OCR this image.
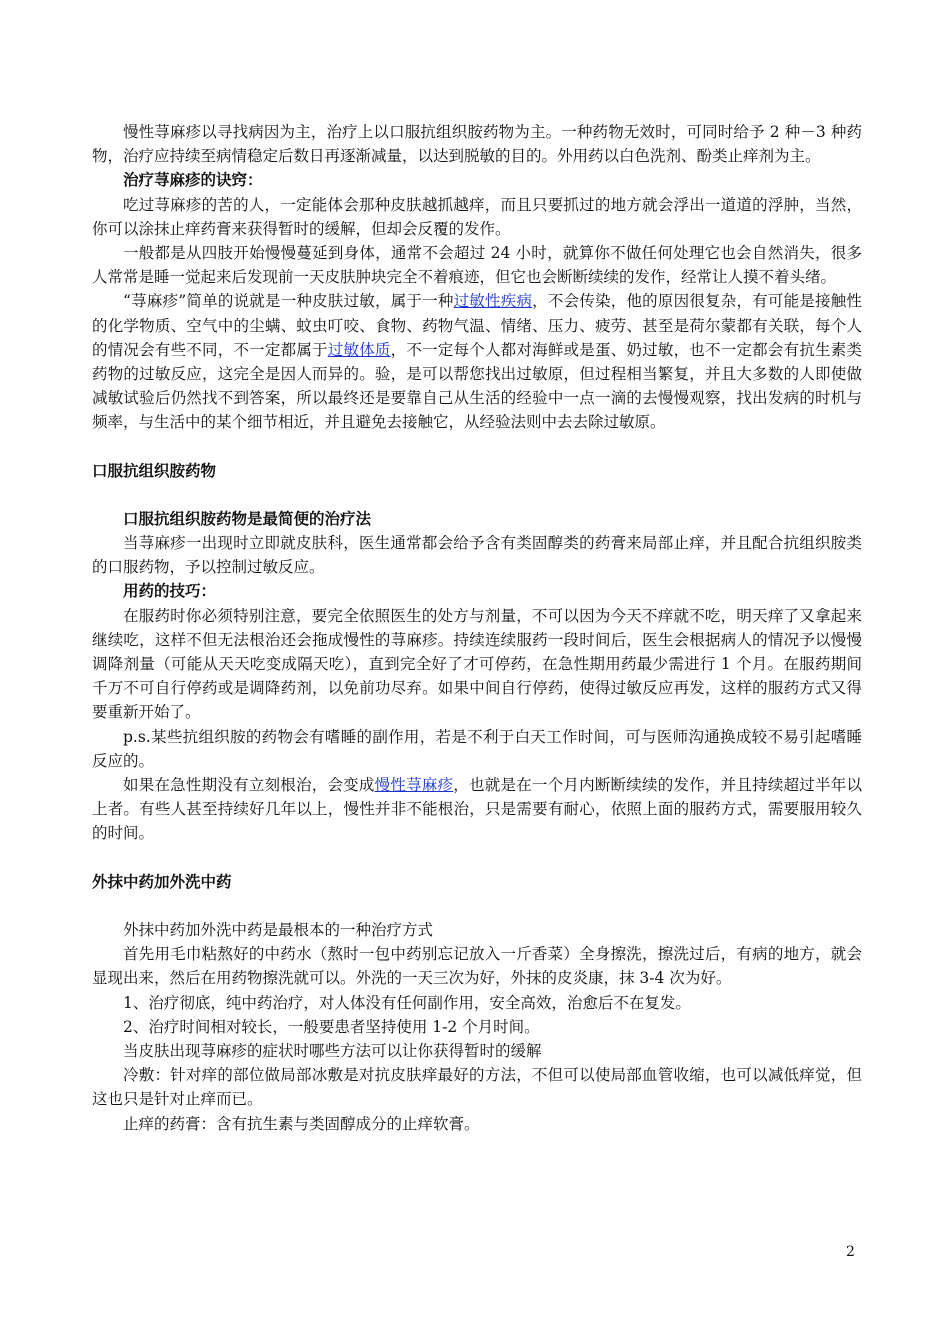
慢性荨麻疹以寻找病因为主，治疗上以口服抗组织胺药物为主。一种药物无效时，可同时给予 2 种－3 种药物，治疗应持续至病情稳定后数日再逐渐减量，以达到脱敏的目的。外用药以白色洗剂、酚类止痒剂为主。

治疗荨麻疹的诀窍：

吃过荨麻疹的苦的人，一定能体会那种皮肤越抓越痒，而且只要抓过的地方就会浮出一道道的浮肿，当然，你可以涂抹止痒药膏来获得暂时的缓解，但却会反覆的发作。

一般都是从四肢开始慢慢蔓延到身体，通常不会超过 24 小时，就算你不做任何处理它也会自然消失，很多人常常是睡一觉起来后发现前一天皮肤肿块完全不着痕迹，但它也会断断续续的发作，经常让人摸不着头绪。

“荨麻疹”简单的说就是一种皮肤过敏，属于一种过敏性疾病，不会传染，他的原因很复杂，有可能是接触性的化学物质、空气中的尘螨、蚊虫叮咬、食物、药物气温、情绪、压力、疲劳、甚至是荷尔蒙都有关联，每个人的情况会有些不同，不一定都属于过敏体质，不一定每个人都对海鲜或是蛋、奶过敏，也不一定都会有抗生素类药物的过敏反应，这完全是因人而异的。验，是可以帮您找出过敏原，但过程相当繁复，并且大多数的人即使做减敏试验后仍然找不到答案，所以最终还是要靠自己从生活的经验中一点一滴的去慢慢观察，找出发病的时机与频率，与生活中的某个细节相近，并且避免去接触它，从经验法则中去去除过敏原。

口服抗组织胺药物

口服抗组织胺药物是最简便的治疗法

当荨麻疹一出现时立即就皮肤科，医生通常都会给予含有类固醇类的药膏来局部止痒，并且配合抗组织胺类的口服药物，予以控制过敏反应。

用药的技巧：

在服药时你必须特别注意，要完全依照医生的处方与剂量，不可以因为今天不痒就不吃，明天痒了又拿起来继续吃，这样不但无法根治还会拖成慢性的荨麻疹。持续连续服药一段时间后，医生会根据病人的情况予以慢慢调降剂量（可能从天天吃变成隔天吃），直到完全好了才可停药，在急性期用药最少需进行 1 个月。在服药期间千万不可自行停药或是调降药剂，以免前功尽弃。如果中间自行停药，使得过敏反应再发，这样的服药方式又得要重新开始了。

p.s.某些抗组织胺的药物会有嗜睡的副作用，若是不利于白天工作时间，可与医师沟通换成较不易引起嗜睡反应的。

如果在急性期没有立刻根治，会变成慢性荨麻疹，也就是在一个月内断断续续的发作，并且持续超过半年以上者。有些人甚至持续好几年以上，慢性并非不能根治，只是需要有耐心，依照上面的服药方式，需要服用较久的时间。

外抹中药加外洗中药

外抹中药加外洗中药是最根本的一种治疗方式

首先用毛巾粘熬好的中药水（熬时一包中药别忘记放入一斤香菜）全身擦洗，擦洗过后，有病的地方，就会显现出来，然后在用药物擦洗就可以。外洗的一天三次为好，外抹的皮炎康，抹 3-4 次为好。

1、治疗彻底，纯中药治疗，对人体没有任何副作用，安全高效，治愈后不在复发。

2、治疗时间相对较长，一般要患者坚持使用 1-2 个月时间。

当皮肤出现荨麻疹的症状时哪些方法可以让你获得暂时的缓解

冷敷：针对痒的部位做局部冰敷是对抗皮肤痒最好的方法，不但可以使局部血管收缩，也可以减低痒觉，但这也只是针对止痒而已。

止痒的药膏：含有抗生素与类固醇成分的止痒软膏。

2
